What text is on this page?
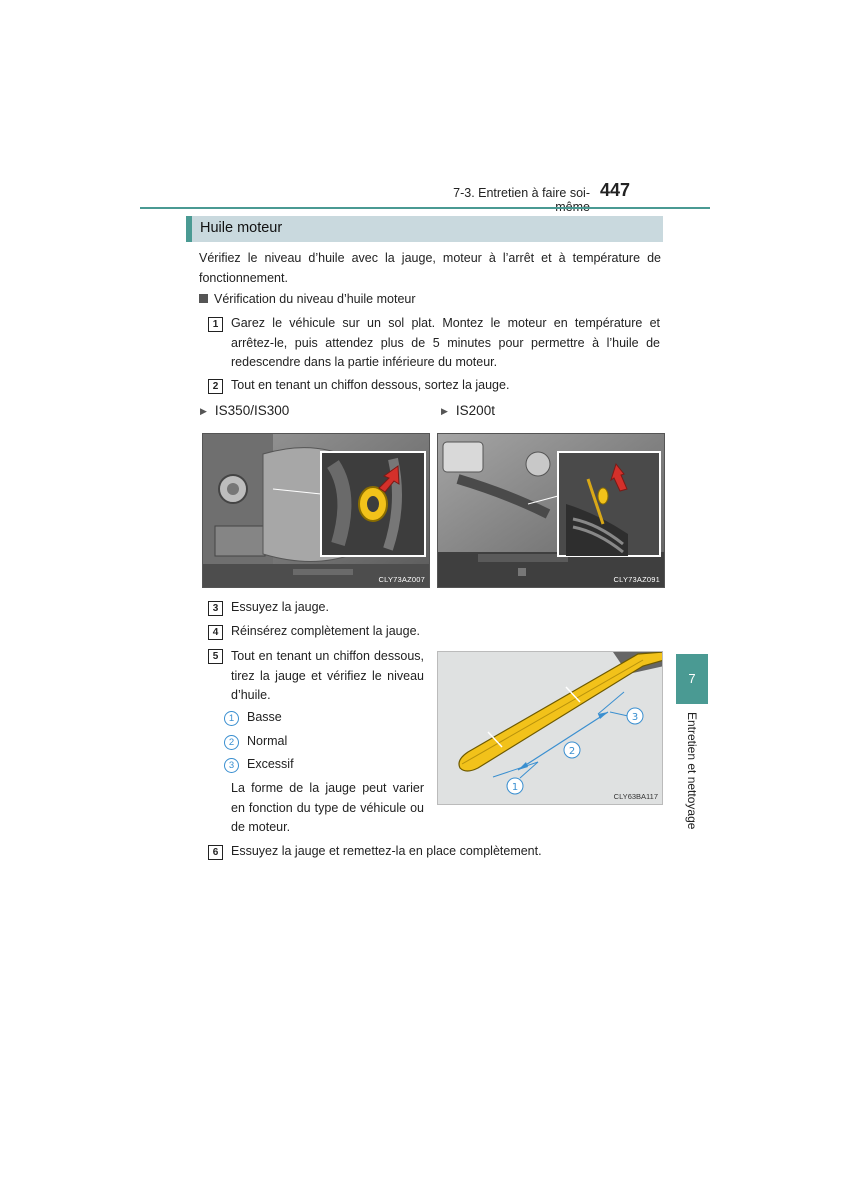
7-3. Entretien à faire soi- 447
Huile moteur
Vérifiez le niveau d’huile avec la jauge, moteur à l’arrêt et à température de fonctionnement.
Vérification du niveau d’huile moteur
1	Garez le véhicule sur un sol plat. Montez le moteur en température et arrêtez-le, puis attendez plus de 5 minutes pour permettre à l’huile de redescendre dans la partie inférieure du moteur.
2	Tout en tenant un chiffon dessous, sortez la jauge.
▶ IS350/IS300	▶ IS200t
CLY73AZ007	CLY73AZ091
3	Essuyez la jauge.
4	Réinsérez complètement la jauge.
5	Tout en tenant un chiffon dessous, tirez la jauge et vérifiez le niveau d’huile.
1 Basse
2 Normal
3 Excessif
La forme de la jauge peut varier en fonction du type de véhicule ou de moteur.
3
2
1
CLY63BA117
6	Essuyez la jauge et remettez-la en place complètement.
7
Entretien et nettoyage
